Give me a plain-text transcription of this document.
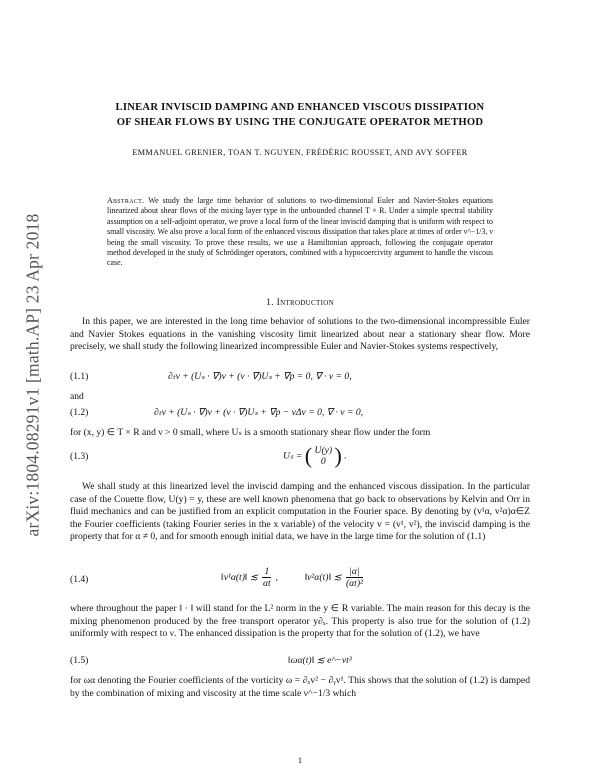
arXiv:1804.08291v1 [math.AP] 23 Apr 2018
LINEAR INVISCID DAMPING AND ENHANCED VISCOUS DISSIPATION
OF SHEAR FLOWS BY USING THE CONJUGATE OPERATOR METHOD
EMMANUEL GRENIER, TOAN T. NGUYEN, FRÉDÉRIC ROUSSET, AND AVY SOFFER
Abstract. We study the large time behavior of solutions to two-dimensional Euler and Navier-Stokes equations linearized about shear flows of the mixing layer type in the unbounded channel T × R. Under a simple spectral stability assumption on a self-adjoint operator, we prove a local form of the linear inviscid damping that is uniform with respect to small viscosity. We also prove a local form of the enhanced viscous dissipation that takes place at times of order ν^−1/3, ν being the small viscosity. To prove these results, we use a Hamiltonian approach, following the conjugate operator method developed in the study of Schrödinger operators, combined with a hypocoercivity argument to handle the viscous case.
1. Introduction
In this paper, we are interested in the long time behavior of solutions to the two-dimensional incompressible Euler and Navier Stokes equations in the vanishing viscosity limit linearized about near a stationary shear flow. More precisely, we shall study the following linearized incompressible Euler and Navier-Stokes systems respectively,
(1.1)	∂ₜv + (Uₛ · ∇)v + (v · ∇)Uₛ + ∇p = 0, ∇ · v = 0,
and
(1.2)	∂ₜv + (Uₛ · ∇)v + (v · ∇)Uₛ + ∇p − νΔv = 0, ∇ · v = 0,
for (x, y) ∈ T × R and ν > 0 small, where Uₛ is a smooth stationary shear flow under the form
(1.3)	Uₛ = ( U(y)
0 ) .
We shall study at this linearized level the inviscid damping and the enhanced viscous dissipation. In the particular case of the Couette flow, U(y) = y, these are well known phenomena that go back to observations by Kelvin and Orr in fluid mechanics and can be justified from an explicit computation in the Fourier space. By denoting by (v¹α, v²α)α∈Z the Fourier coefficients (taking Fourier series in the x variable) of the velocity v = (v¹, v²), the inviscid damping is the property that for α ≠ 0, and for smooth enough initial data, we have in the large time for the solution of (1.1)
(1.4)	‖v¹α(t)‖ ≲ $\frac{1}{\alpha t}$ ,	‖v²α(t)‖ ≲ $\frac{|\alpha|}{\text{(αt)²}}$
where throughout the paper ‖ · ‖ will stand for the L² norm in the y ∈ R variable. The main reason for this decay is the mixing phenomenon produced by the free transport operator y∂ₓ. This property is also true for the solution of (1.2) uniformly with respect to ν. The enhanced dissipation is the property that for the solution of (1.2), we have
(1.5)	‖ωα(t)‖ ≲ e^−νt³
for ωα denoting the Fourier coefficients of the vorticity ω = ∂ₓv² − ∂ᵧv¹. This shows that the solution of (1.2) is damped by the combination of mixing and viscosity at the time scale ν^−1/3 which
1
